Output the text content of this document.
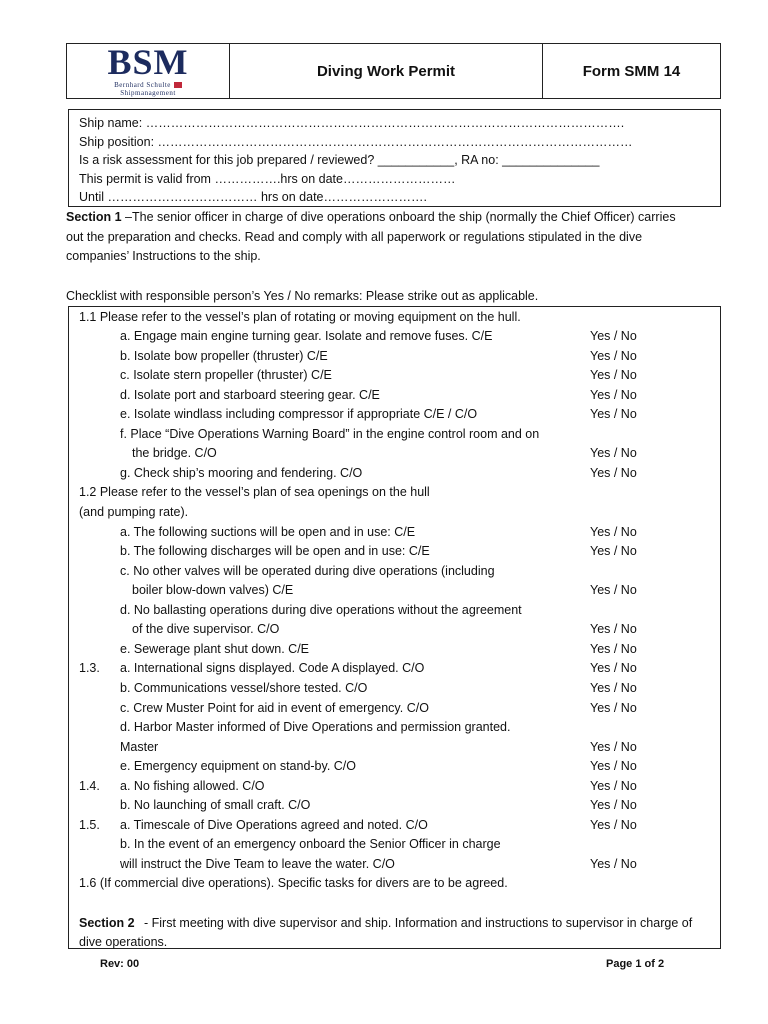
BSM
Bernhard Schulte
Shipmanagement
Diving Work Permit	Form SMM 14
Ship name: …………………………………………………………………………………………………….
Ship position: ……………………………………………………………………………………………………
Is a risk assessment for this job prepared / reviewed? ___________, RA no: ______________
This permit is valid from …………….hrs on date………………………
Until ……………………………… hrs on date…………………….
Section 1 –The senior officer in charge of dive operations onboard the ship (normally the Chief Officer) carries
out the preparation and checks. Read and comply with all paperwork or regulations stipulated in the dive
companies’ Instructions to the ship.
Checklist with responsible person’s Yes / No remarks: Please strike out as applicable.
1.1 Please refer to the vessel’s plan of rotating or moving equipment on the hull.
a. Engage main engine turning gear. Isolate and remove fuses. C/E	Yes / No
b. Isolate bow propeller (thruster) C/E	Yes / No
c. Isolate stern propeller (thruster) C/E	Yes / No
d. Isolate port and starboard steering gear. C/E	Yes / No
e. Isolate windlass including compressor if appropriate C/E / C/O	Yes / No
f. Place “Dive Operations Warning Board” in the engine control room and on
the bridge. C/O	Yes / No
g. Check ship’s mooring and fendering. C/O	Yes / No
1.2 Please refer to the vessel’s plan of sea openings on the hull
(and pumping rate).
a. The following suctions will be open and in use: C/E	Yes / No
b. The following discharges will be open and in use: C/E	Yes / No
c. No other valves will be operated during dive operations (including
boiler blow-down valves) C/E	Yes / No
d. No ballasting operations during dive operations without the agreement
of the dive supervisor. C/O	Yes / No
e. Sewerage plant shut down. C/E	Yes / No
1.3. a. International signs displayed. Code A displayed. C/O	Yes / No
b. Communications vessel/shore tested. C/O	Yes / No
c. Crew Muster Point for aid in event of emergency. C/O	Yes / No
d. Harbor Master informed of Dive Operations and permission granted.
Master	Yes / No
e. Emergency equipment on stand-by. C/O	Yes / No
1.4. a. No fishing allowed. C/O	Yes / No
b. No launching of small craft. C/O	Yes / No
1.5. a. Timescale of Dive Operations agreed and noted. C/O	Yes / No
b. In the event of an emergency onboard the Senior Officer in charge
will instruct the Dive Team to leave the water. C/O	Yes / No
1.6 (If commercial dive operations). Specific tasks for divers are to be agreed.
- First meeting with dive supervisor and ship. Information and instructions to supervisor in charge of
Section 2
dive operations.
Rev: 00	Page 1 of 2
